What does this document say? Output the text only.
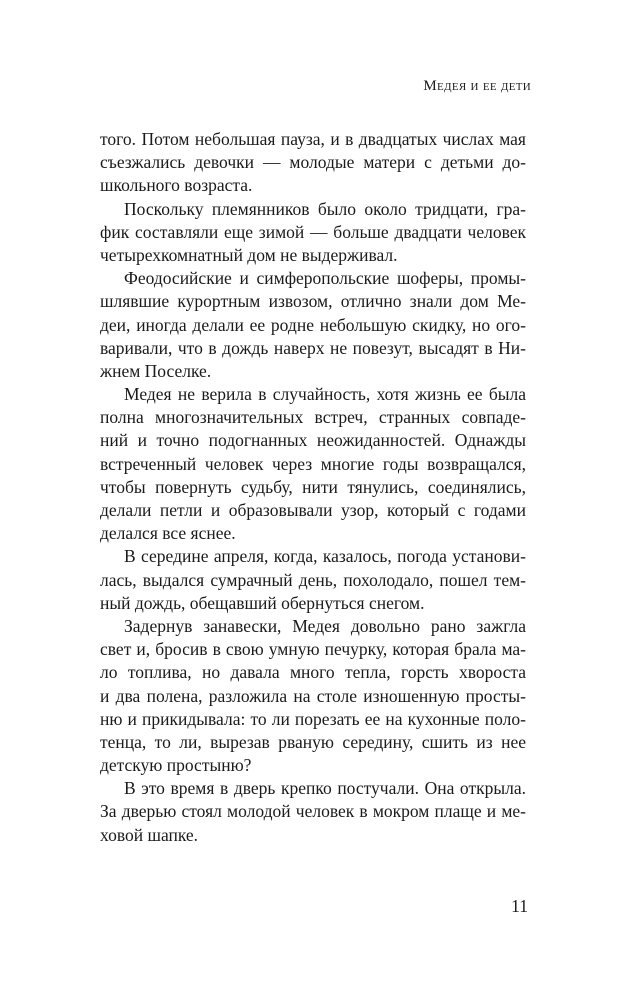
Медея и ее дети
того. Потом небольшая пауза, и в двадцатых числах мая
съезжались девочки — молодые матери с детьми до-
школьного возраста.
Поскольку племянников было около тридцати, гра-
фик составляли еще зимой — больше двадцати человек
четырехкомнатный дом не выдерживал.
Феодосийские и симферопольские шоферы, промы-
шлявшие курортным извозом, отлично знали дом Ме-
деи, иногда делали ее родне небольшую скидку, но ого-
варивали, что в дождь наверх не повезут, высадят в Ни-
жнем Поселке.
Медея не верила в случайность, хотя жизнь ее была
полна многозначительных встреч, странных совпаде-
ний и точно подогнанных неожиданностей. Однажды
встреченный человек через многие годы возвращался,
чтобы повернуть судьбу, нити тянулись, соединялись,
делали петли и образовывали узор, который с годами
делался все яснее.
В середине апреля, когда, казалось, погода установи-
лась, выдался сумрачный день, похолодало, пошел тем-
ный дождь, обещавший обернуться снегом.
Задернув занавески, Медея довольно рано зажгла
свет и, бросив в свою умную печурку, которая брала ма-
ло топлива, но давала много тепла, горсть хвороста
и два полена, разложила на столе изношенную просты-
ню и прикидывала: то ли порезать ее на кухонные поло-
тенца, то ли, вырезав рваную середину, сшить из нее
детскую простыню?
В это время в дверь крепко постучали. Она открыла.
За дверью стоял молодой человек в мокром плаще и ме-
ховой шапке.
11
